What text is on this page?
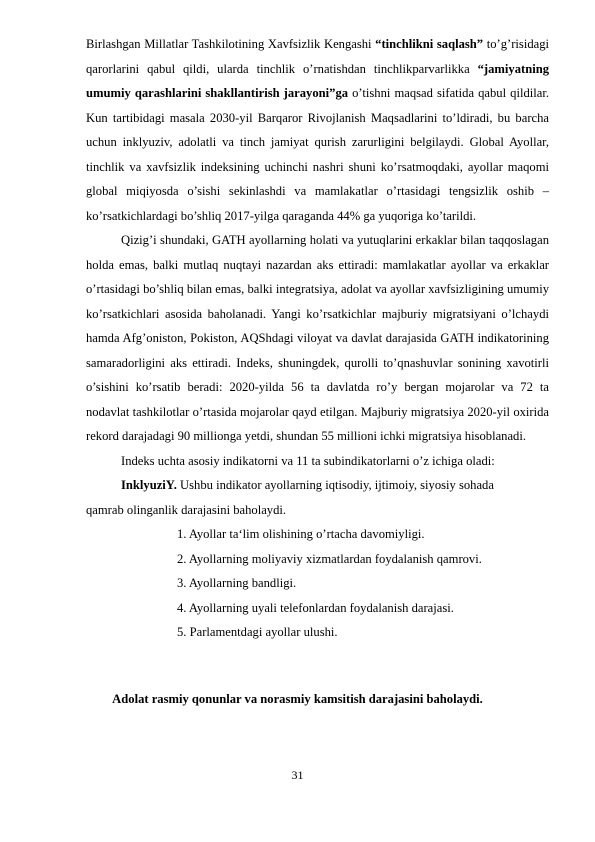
Birlashgan Millatlar Tashkilotining Xavfsizlik Kengashi “tinchlikni saqlash” to’g’risidagi qarorlarini qabul qildi, ularda tinchlik o’rnatishdan tinchlikparvarlikka “jamiyatning umumiy qarashlarini shakllantirish jarayoni”ga o’tishni maqsad sifatida qabul qildilar. Kun tartibidagi masala 2030-yil Barqaror Rivojlanish Maqsadlarini to’ldiradi, bu barcha uchun inklyuziv, adolatli va tinch jamiyat qurish zarurligini belgilaydi. Global Ayollar, tinchlik va xavfsizlik indeksining uchinchi nashri shuni ko’rsatmoqdaki, ayollar maqomi global miqiyosda o’sishi sekinlashdi va mamlakatlar o’rtasidagi tengsizlik oshib – ko’rsatkichlardagi bo’shliq 2017-yilga qaraganda 44% ga yuqoriga ko’tarildi.

Qizig’i shundaki, GATH ayollarning holati va yutuqlarini erkaklar bilan taqqoslagan holda emas, balki mutlaq nuqtayi nazardan aks ettiradi: mamlakatlar ayollar va erkaklar o’rtasidagi bo’shliq bilan emas, balki integratsiya, adolat va ayollar xavfsizligining umumiy ko’rsatkichlari asosida baholanadi. Yangi ko’rsatkichlar majburiy migratsiyani o’lchaydi hamda Afg’oniston, Pokiston, AQShdagi viloyat va davlat darajasida GATH indikatorining samaradorligini aks ettiradi. Indeks, shuningdek, qurolli to’qnashuvlar sonining xavotirli o’sishini ko’rsatib beradi: 2020-yilda 56 ta davlatda ro’y bergan mojarolar va 72 ta nodavlat tashkilotlar o’rtasida mojarolar qayd etilgan. Majburiy migratsiya 2020-yil oxirida rekord darajadagi 90 millionga yetdi, shundan 55 millioni ichki migratsiya hisoblanadi.

Indeks uchta asosiy indikatorni va 11 ta subindikatorlarni o’z ichiga oladi:

InklyuziY. Ushbu indikator ayollarning iqtisodiy, ijtimoiy, siyosiy sohada

qamrab olinganlik darajasini baholaydi.

1. Ayollar ta‘lim olishining o’rtacha davomiyligi.
2. Ayollarning moliyaviy xizmatlardan foydalanish qamrovi.
3. Ayollarning bandligi.
4. Ayollarning uyali telefonlardan foydalanish darajasi.
5. Parlamentdagi ayollar ulushi.
Adolat rasmiy qonunlar va norasmiy kamsitish darajasini baholaydi.
31
